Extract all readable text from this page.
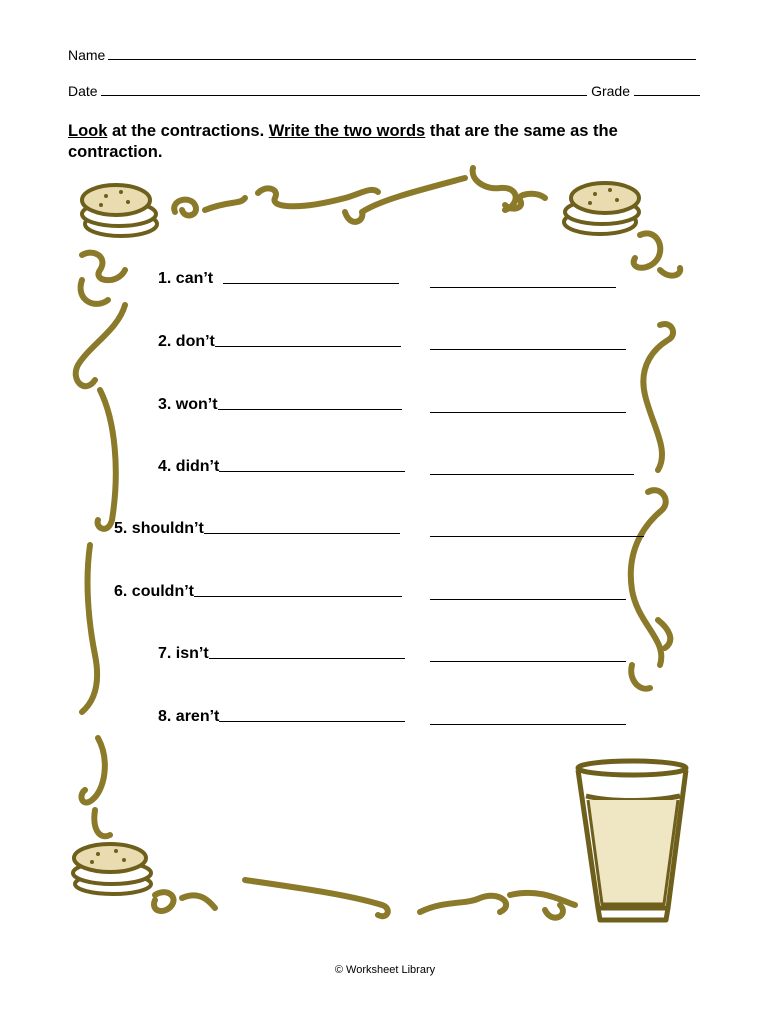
Name
Date	Grade
Look at the contractions. Write the two words that are the same as the contraction.
1. can’t
2. don’t
3. won’t
4. didn’t
5. shouldn’t
6. couldn’t
7. isn’t
8. aren’t
© Worksheet Library
